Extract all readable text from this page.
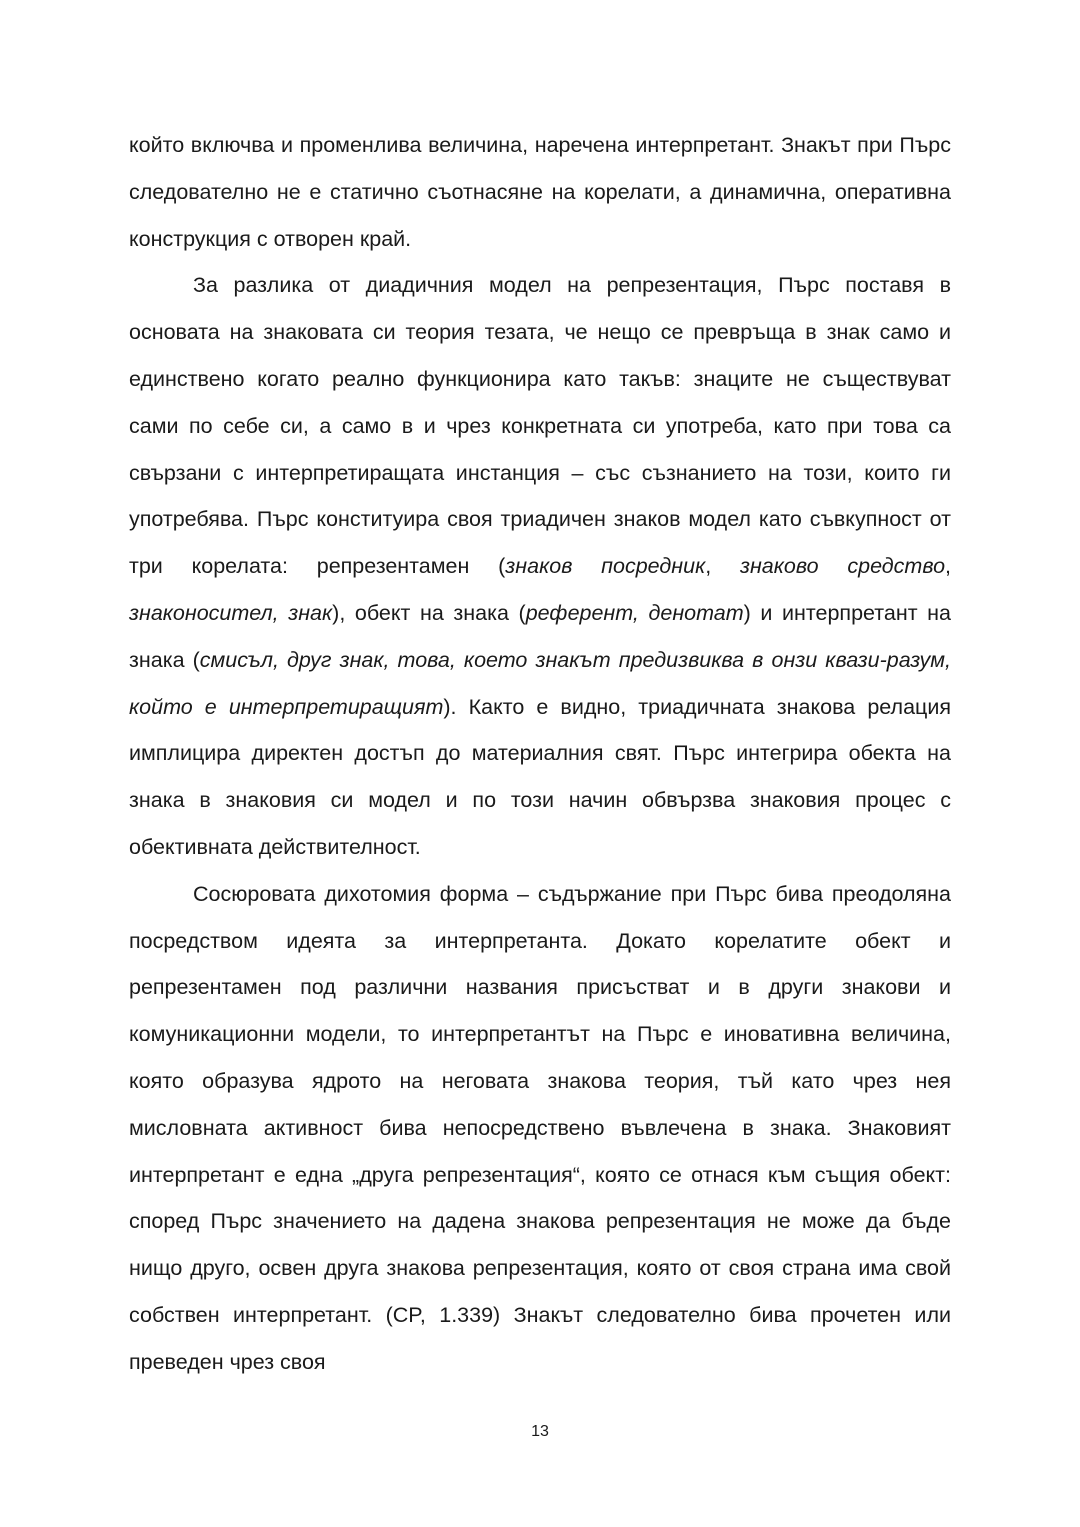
който включва и променлива величина, наречена интерпретант. Знакът при Пърс следователно не е статично съотнасяне на корелати, а динамична, оперативна конструкция с отворен край.

За разлика от диадичния модел на репрезентация, Пърс поставя в основата на знаковата си теория тезата, че нещо се превръща в знак само и единствено когато реално функционира като такъв: знаците не съществуват сами по себе си, а само в и чрез конкретната си употреба, като при това са свързани с интерпретиращата инстанция – със съзнанието на този, които ги употребява. Пърс конституира своя триадичен знаков модел като съвкупност от три корелата: репрезентамен (знаков посредник, знаково средство, знаконосител, знак), обект на знака (референт, денотат) и интерпретант на знака (смисъл, друг знак, това, което знакът предизвиква в онзи квази-разум, който е интерпретиращият). Както е видно, триадичната знакова релация имплицира директен достъп до материалния свят. Пърс интегрира обекта на знака в знаковия си модел и по този начин обвързва знаковия процес с обективната действителност.

Сосюровата дихотомия форма – съдържание при Пърс бива преодоляна посредством идеята за интерпретанта. Докато корелатите обект и репрезентамен под различни названия присъстват и в други знакови и комуникационни модели, то интерпретантът на Пърс е иновативна величина, която образува ядрото на неговата знакова теория, тъй като чрез нея мисловната активност бива непосредствено въвлечена в знака. Знаковият интерпретант е една „друга репрезентация“, която се отнася към същия обект: според Пърс значението на дадена знакова репрезентация не може да бъде нищо друго, освен друга знакова репрезентация, която от своя страна има свой собствен интерпретант. (CP, 1.339) Знакът следователно бива прочетен или преведен чрез своя

13
